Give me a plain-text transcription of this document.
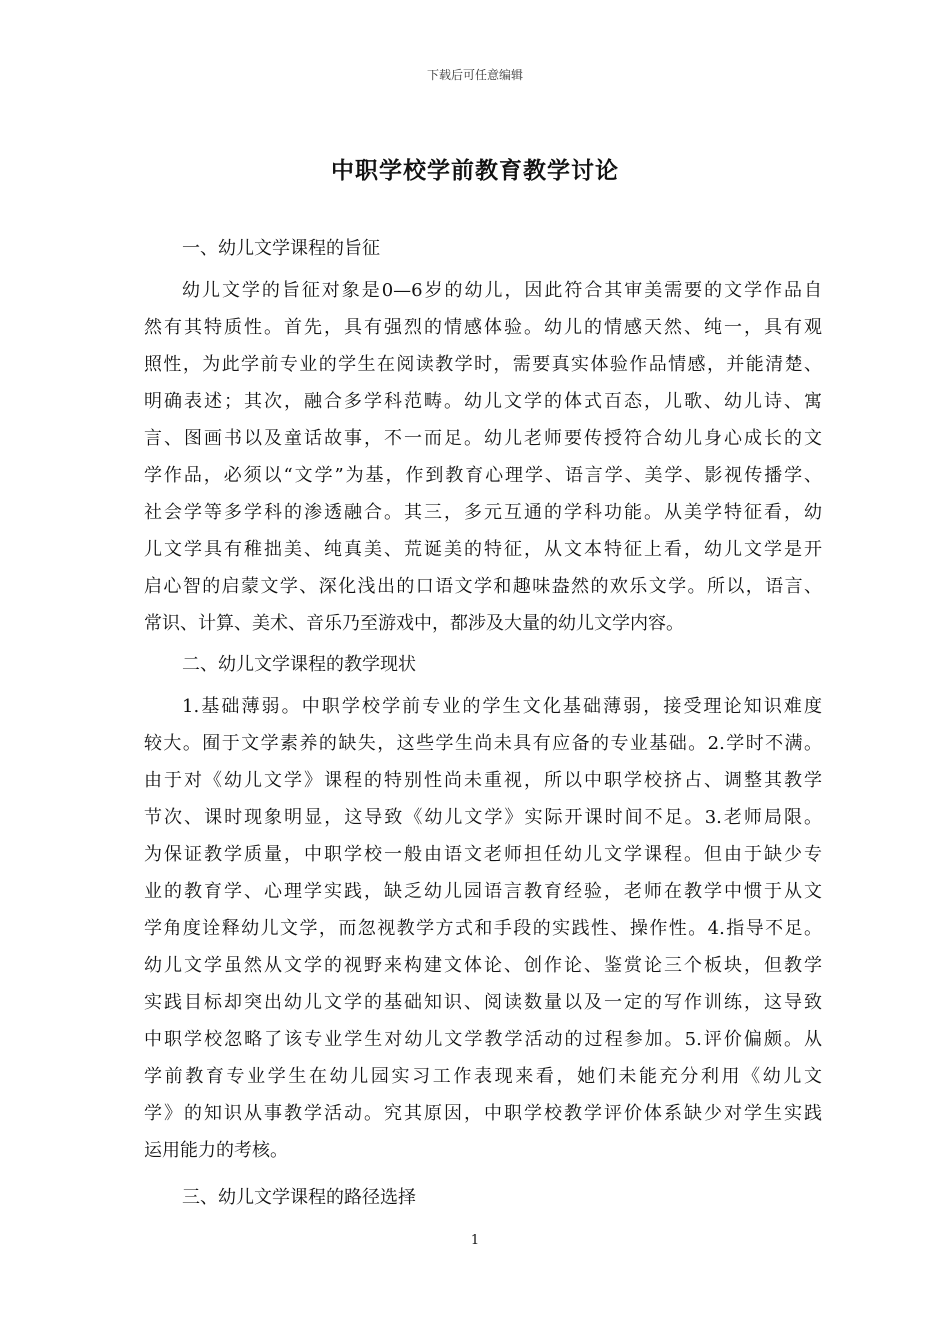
下载后可任意编辑
中职学校学前教育教学讨论
一、幼儿文学课程的旨征
幼儿文学的旨征对象是0—6岁的幼儿，因此符合其审美需要的文学作品自
然有其特质性。首先，具有强烈的情感体验。幼儿的情感天然、纯一，具有观
照性，为此学前专业的学生在阅读教学时，需要真实体验作品情感，并能清楚、
明确表述；其次，融合多学科范畴。幼儿文学的体式百态，儿歌、幼儿诗、寓
言、图画书以及童话故事，不一而足。幼儿老师要传授符合幼儿身心成长的文
学作品，必须以“文学”为基，作到教育心理学、语言学、美学、影视传播学、
社会学等多学科的渗透融合。其三，多元互通的学科功能。从美学特征看，幼
儿文学具有稚拙美、纯真美、荒诞美的特征，从文本特征上看，幼儿文学是开
启心智的启蒙文学、深化浅出的口语文学和趣味盎然的欢乐文学。所以，语言、
常识、计算、美术、音乐乃至游戏中，都涉及大量的幼儿文学内容。
二、幼儿文学课程的教学现状
1.基础薄弱。中职学校学前专业的学生文化基础薄弱，接受理论知识难度
较大。囿于文学素养的缺失，这些学生尚未具有应备的专业基础。2.学时不满。
由于对《幼儿文学》课程的特别性尚未重视，所以中职学校挤占、调整其教学
节次、课时现象明显，这导致《幼儿文学》实际开课时间不足。3.老师局限。
为保证教学质量，中职学校一般由语文老师担任幼儿文学课程。但由于缺少专
业的教育学、心理学实践，缺乏幼儿园语言教育经验，老师在教学中惯于从文
学角度诠释幼儿文学，而忽视教学方式和手段的实践性、操作性。4.指导不足。
幼儿文学虽然从文学的视野来构建文体论、创作论、鉴赏论三个板块，但教学
实践目标却突出幼儿文学的基础知识、阅读数量以及一定的写作训练，这导致
中职学校忽略了该专业学生对幼儿文学教学活动的过程参加。5.评价偏颇。从
学前教育专业学生在幼儿园实习工作表现来看，她们未能充分利用《幼儿文
学》的知识从事教学活动。究其原因，中职学校教学评价体系缺少对学生实践
运用能力的考核。
三、幼儿文学课程的路径选择
1
